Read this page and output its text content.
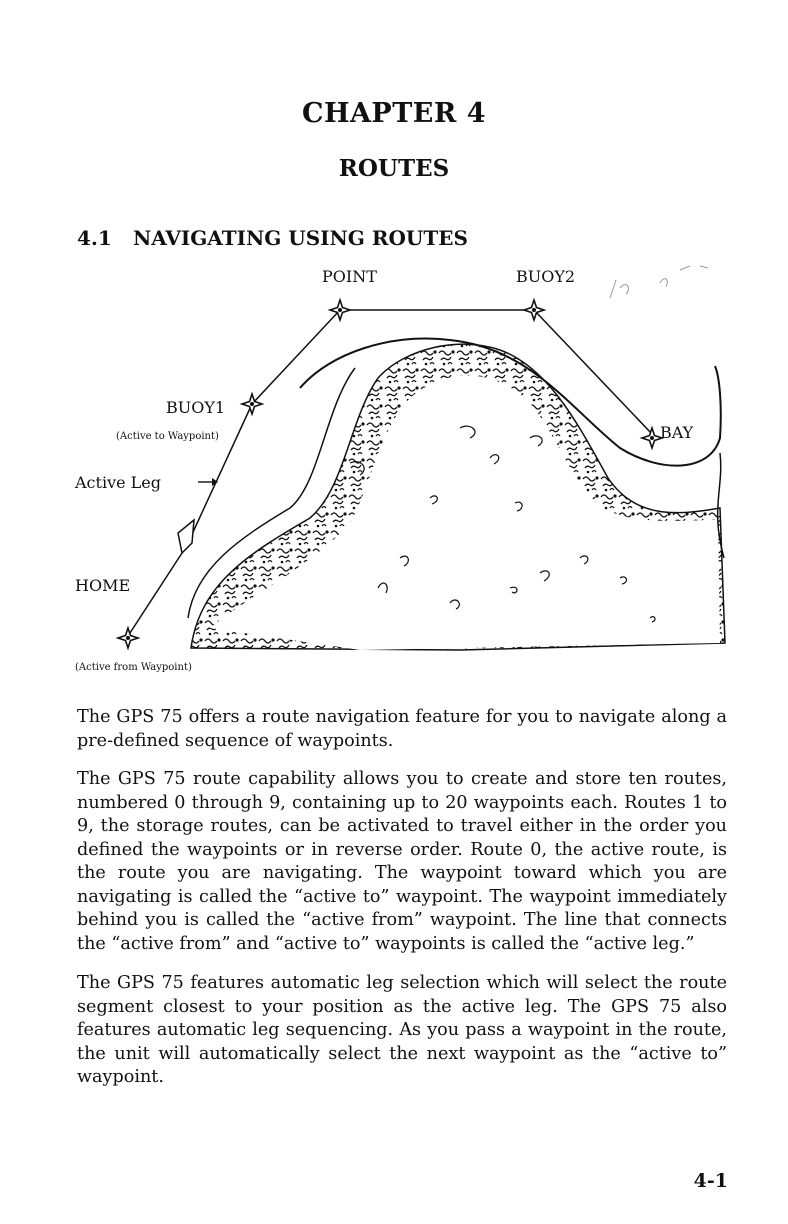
CHAPTER 4
ROUTES
4.1 NAVIGATING USING ROUTES
POINT	BUOY2
BUOY1
(Active to Waypoint)	BAY
Active Leg
HOME
(Active from Waypoint)

The GPS 75 offers a route navigation feature for you to navigate along a pre-defined sequence of waypoints.

The GPS 75 route capability allows you to create and store ten routes, numbered 0 through 9, containing up to 20 waypoints each. Routes 1 to 9, the storage routes, can be activated to travel either in the order you defined the waypoints or in reverse order. Route 0, the active route, is the route you are navigating. The waypoint toward which you are navigating is called the “active to” waypoint. The waypoint immediately behind you is called the “active from” waypoint. The line that connects the “active from” and “active to” waypoints is called the “active leg.”

The GPS 75 features automatic leg selection which will select the route segment closest to your position as the active leg. The GPS 75 also features automatic leg sequencing. As you pass a waypoint in the route, the unit will automatically select the next waypoint as the “active to” waypoint.

4-1
